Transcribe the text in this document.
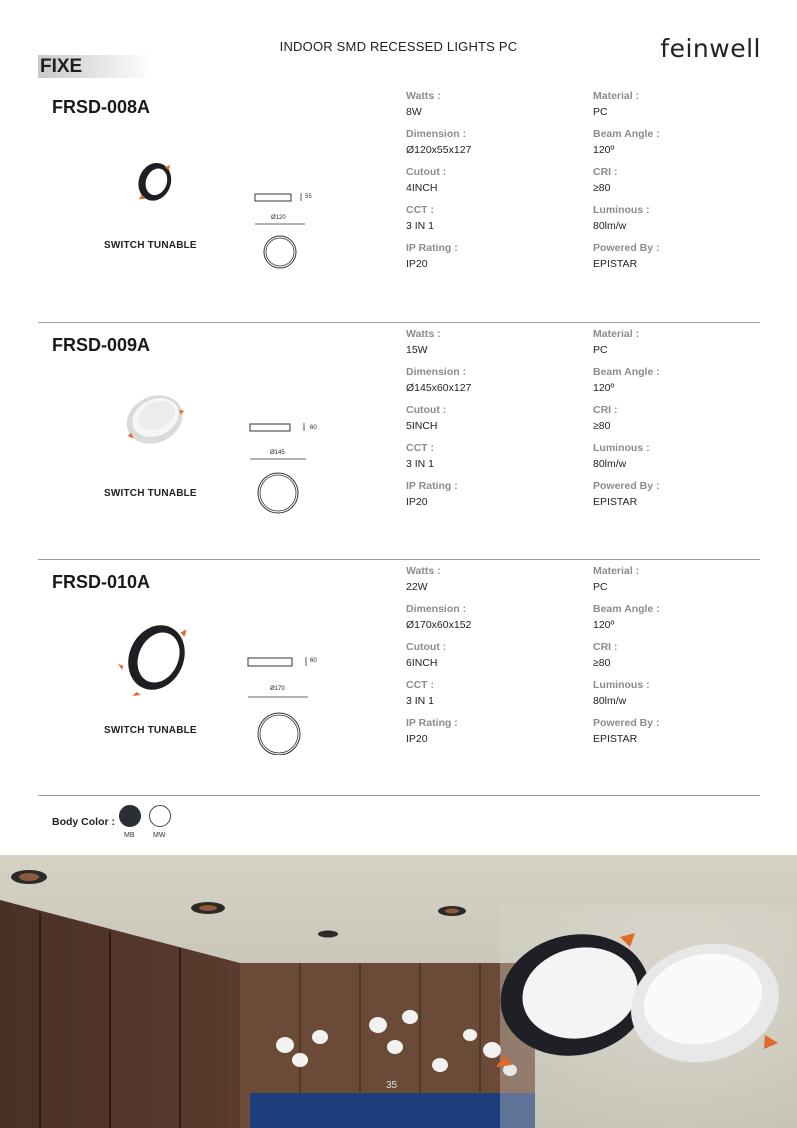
INDOOR SMD RECESSED LIGHTS PC	feinwell
FIXE
FRSD-008A
SWITCH TUNABLE
55
Ø120
Watts :
8W
Dimension :
Ø120x55x127
Cutout :
4INCH
CCT :
3 IN 1
IP Rating :
IP20
Material :
PC
Beam Angle :
120º
CRI :
≥80
Luminous :
80lm/w
Powered By :
EPISTAR
FRSD-009A
SWITCH TUNABLE
60
Ø145
Watts :
15W
Dimension :
Ø145x60x127
Cutout :
5INCH
CCT :
3 IN 1
IP Rating :
IP20
Material :
PC
Beam Angle :
120º
CRI :
≥80
Luminous :
80lm/w
Powered By :
EPISTAR
FRSD-010A
SWITCH TUNABLE
60
Ø170
Watts :
22W
Dimension :
Ø170x60x152
Cutout :
6INCH
CCT :
3 IN 1
IP Rating :
IP20
Material :
PC
Beam Angle :
120º
CRI :
≥80
Luminous :
80lm/w
Powered By :
EPISTAR
Body Color :
MB	MW
35
